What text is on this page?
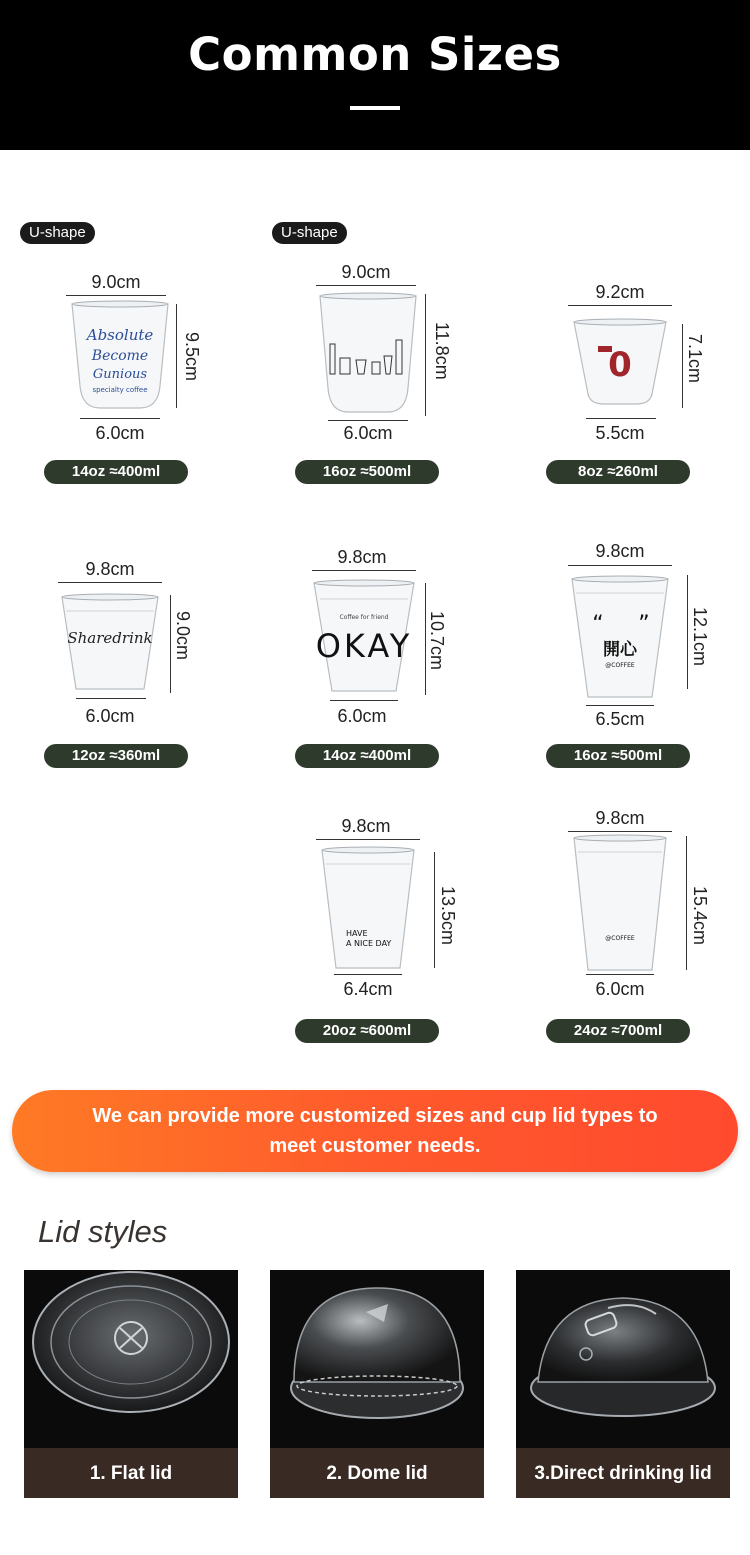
Common Sizes
U-shape	U-shape
9.0cm
Absolute
Become
Gunious
specialty coffee
6.0cm
9.5cm
14oz ≈400ml
9.0cm
6.0cm
11.8cm
16oz ≈500ml
9.2cm
0
5.5cm
7.1cm
8oz ≈260ml
9.8cm
Sharedrink
6.0cm
9.0cm
12oz ≈360ml
9.8cm
Coffee for friend
OKAY
6.0cm
10.7cm
14oz ≈400ml
9.8cm
“ ”
開心
@COFFEE
6.5cm
12.1cm
16oz ≈500ml
9.8cm
HAVE
A NICE DAY
6.4cm
13.5cm
20oz ≈600ml
9.8cm
@COFFEE
6.0cm
15.4cm
24oz ≈700ml

We can provide more customized sizes and cup lid types to
meet customer needs.

Lid styles
1. Flat lid	2. Dome lid	3.Direct drinking lid
